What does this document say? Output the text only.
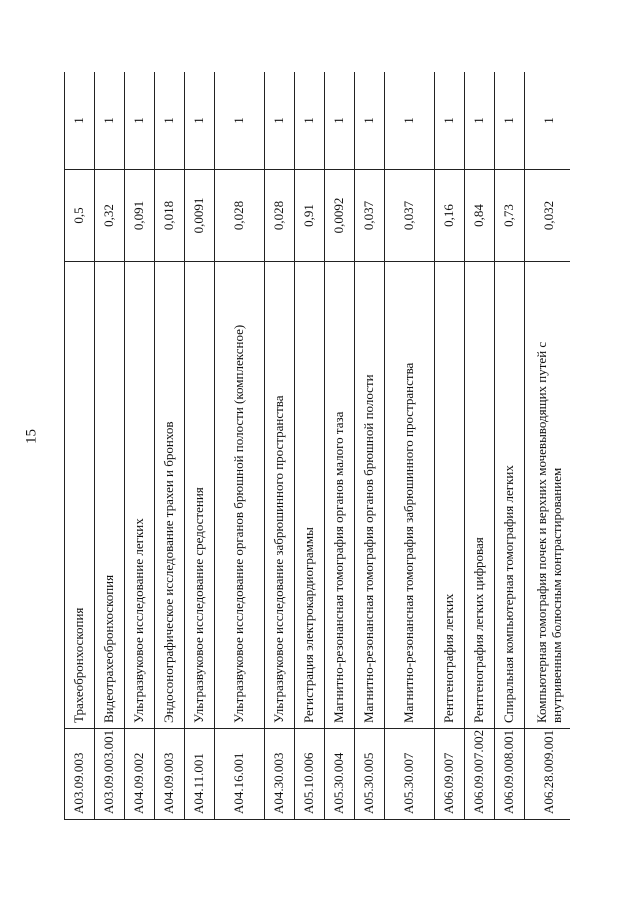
15
A03.09.003	Трахеобронхоскопия	0,5	1
A03.09.003.001	Видеотрахеобронхоскопия	0,32	1
A04.09.002	Ультразвуковое исследование легких	0,091	1
A04.09.003	Эндосонографическое исследование трахеи и бронхов	0,018	1
A04.11.001	Ультразвуковое исследование средостения	0,0091	1
A04.16.001	Ультразвуковое исследование органов брюшной полости (комплексное)	0,028	1
A04.30.003	Ультразвуковое исследование забрюшинного пространства	0,028	1
A05.10.006	Регистрация электрокардиограммы	0,91	1
A05.30.004	Магнитно-резонансная томография органов малого таза	0,0092	1
A05.30.005	Магнитно-резонансная томография органов брюшной полости	0,037	1
A05.30.007	Магнитно-резонансная томография забрюшинного пространства	0,037	1
A06.09.007	Рентгенография легких	0,16	1
A06.09.007.002	Рентгенография легких цифровая	0,84	1
A06.09.008.001	Спиральная компьютерная томография легких	0,73	1
A06.28.009.001	Компьютерная томография почек и верхних мочевыводящих путей с внутривенным болюсным контрастированием	0,032	1
